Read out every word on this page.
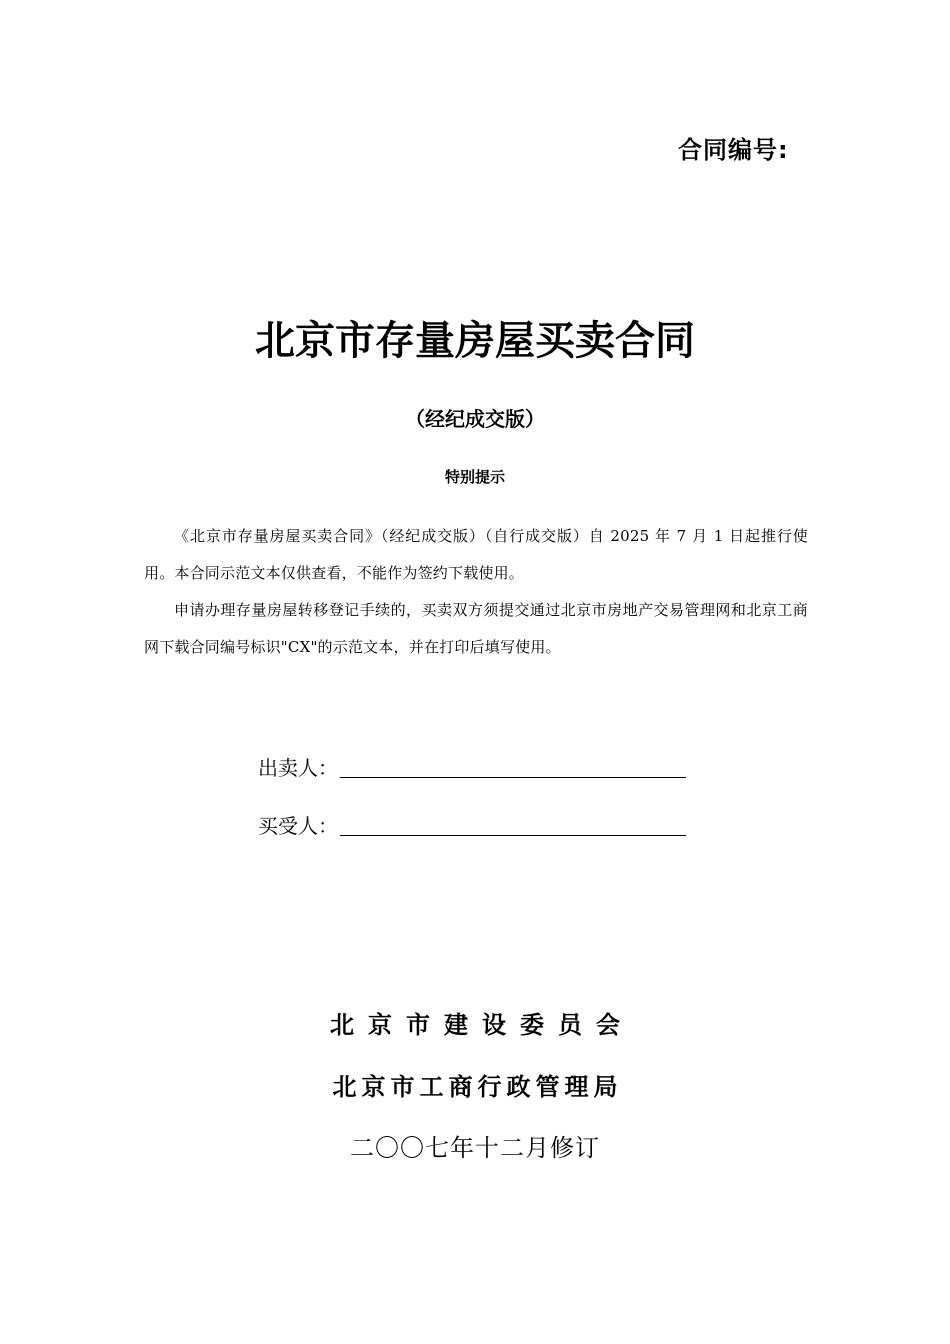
合同编号:
北京市存量房屋买卖合同
（经纪成交版）
特别提示

《北京市存量房屋买卖合同》（经纪成交版）（自行成交版）自 2025 年 7 月 1 日起推行使用。本合同示范文本仅供查看，不能作为签约下载使用。

申请办理存量房屋转移登记手续的，买卖双方须提交通过北京市房地产交易管理网和北京工商网下载合同编号标识"CX"的示范文本，并在打印后填写使用。

出卖人：
买受人：
北京市建设委员会
北京市工商行政管理局
二〇〇七年十二月修订
